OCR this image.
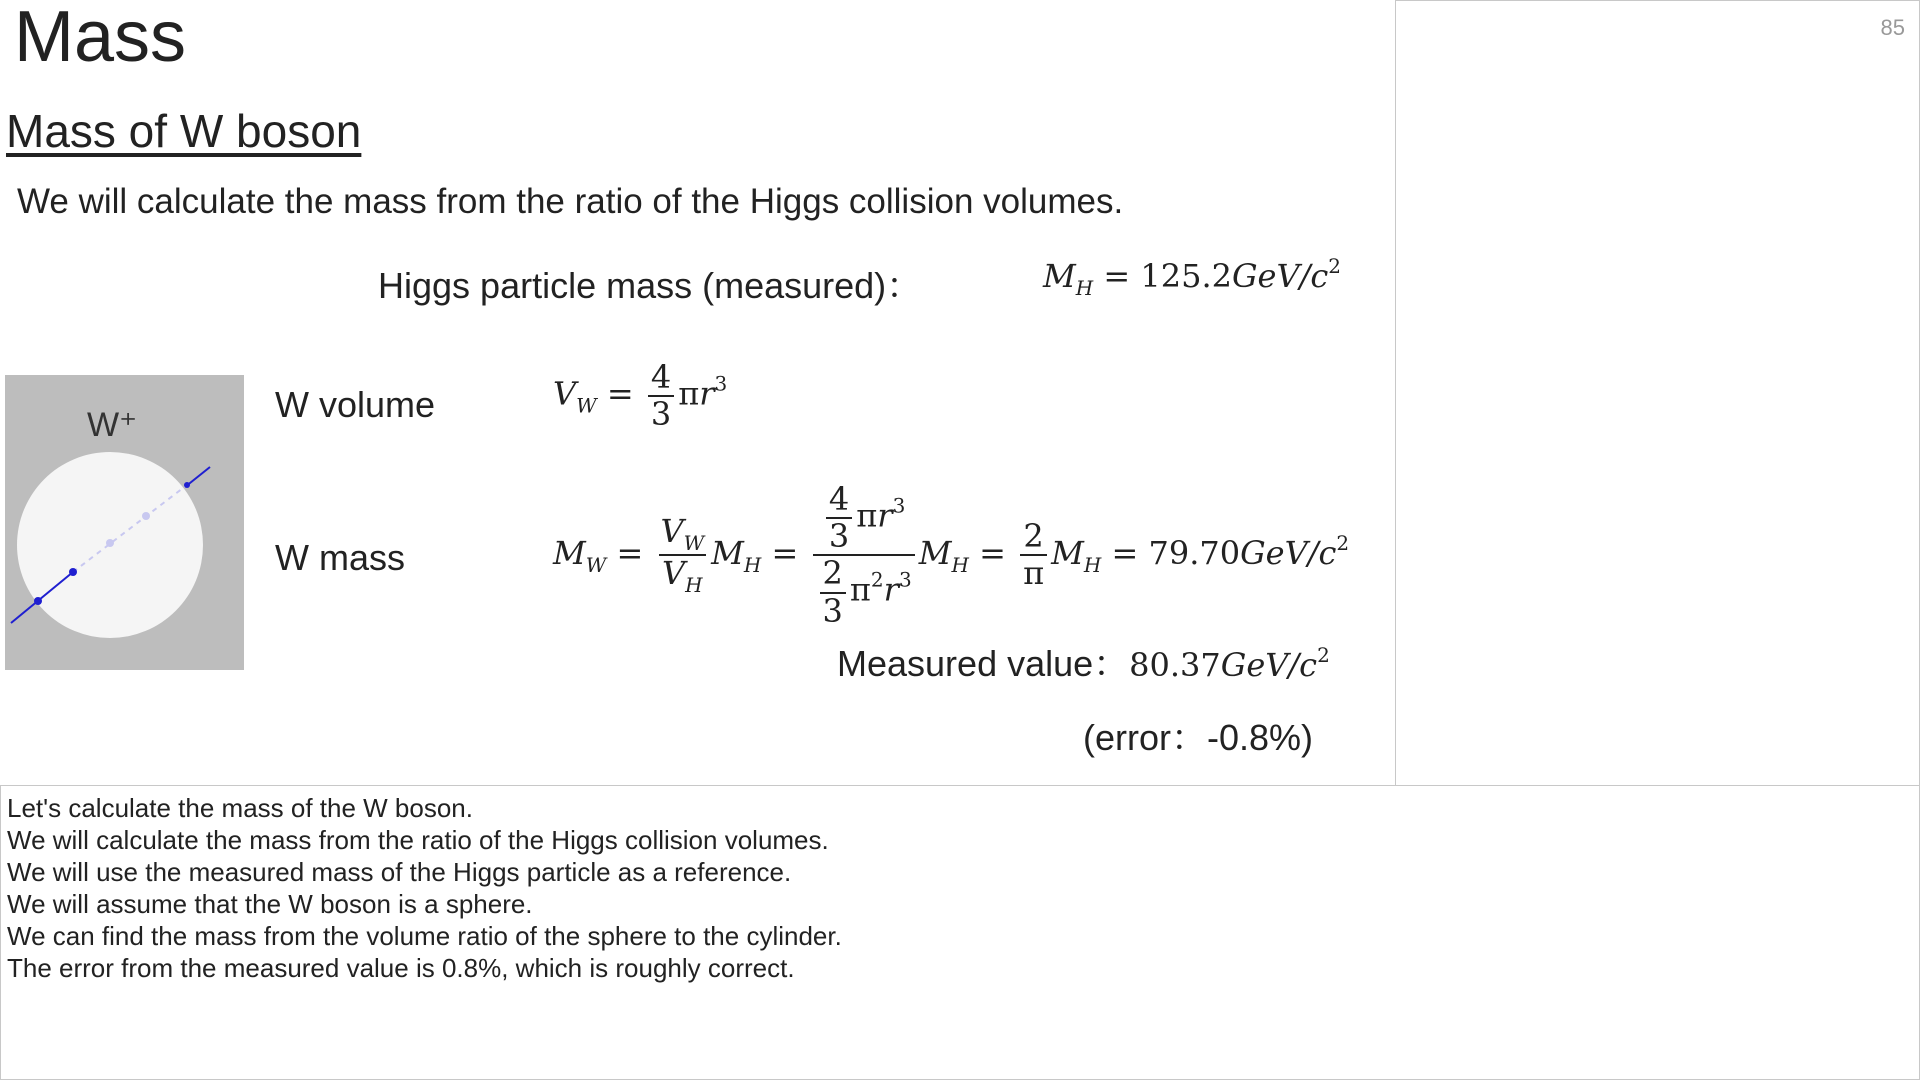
Mass
Mass of W boson
We will calculate the mass from the ratio of the Higgs collision volumes.
Higgs particle mass (measured)：	$M_H = 125.2GeV/c^2$
W⁺	W volume	$V_W = \frac{4}{3} \pi r^3$
W mass	$M_W = \frac{V_W}{V_H} M_H = \frac{\frac{4}{3} \pi r^3}{\frac{2}{3} \pi^2r^3} M_H = \frac{2}{\pi} M_H = 79.70GeV/c^2$
Measured value：80.37GeV/c2
(error：-0.8%)
85
Let's calculate the mass of the W boson.
We will calculate the mass from the ratio of the Higgs collision volumes.
We will use the measured mass of the Higgs particle as a reference.
We will assume that the W boson is a sphere.
We can find the mass from the volume ratio of the sphere to the cylinder.
The error from the measured value is 0.8%, which is roughly correct.
